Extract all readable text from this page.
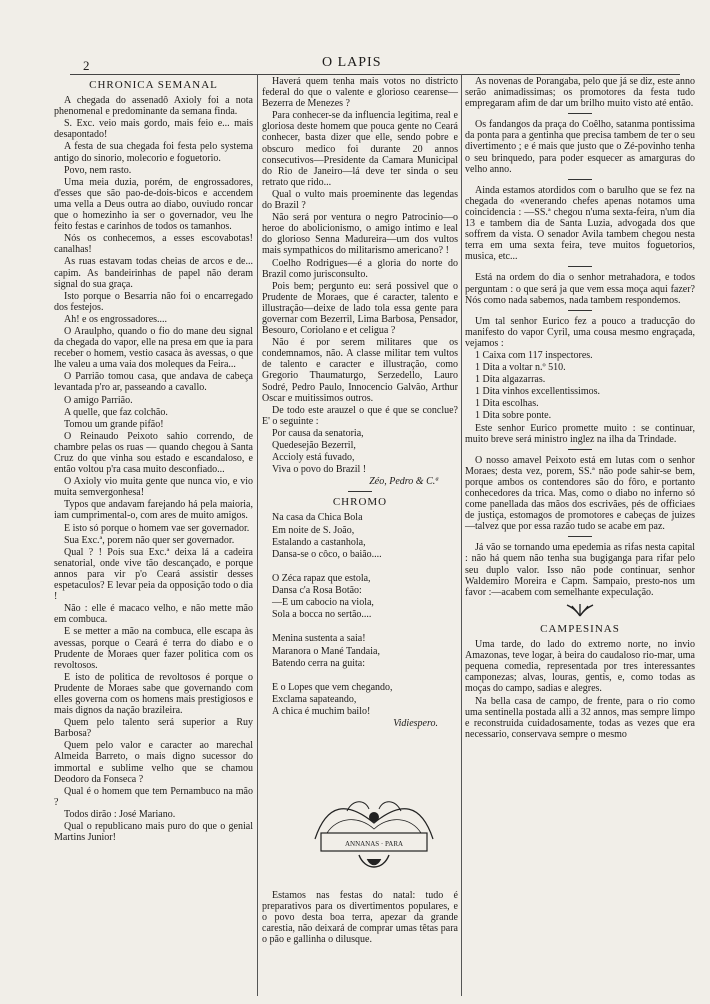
2	O LAPIS

CHRONICA SEMANAL

A chegada do assenadô Axioly foi a nota phenomenal e predominante da semana finda.

S. Exc. veio mais gordo, mais feio e... mais desapontado!

A festa de sua chegada foi festa pelo systema antigo do sinorio, molecorio e foguetorio.

Povo, nem rasto.

Uma meia duzia, porém, de engrossadores, d'esses que são pao-de-dois-bicos e accendem uma vella a Deus outra ao diabo, ouviudo roncar que o homezinho ia ser o governador, veu lhe feito festas e carinhos de todos os tamanhos.

Nós os conhecemos, a esses escovabotas! canalhas!

As ruas estavam todas cheias de arcos e de... capim. As bandeirinhas de papel não deram signal do sua graça.

Isto porque o Besarria não foi o encarregado dos festejos.

Ah! e os engrossadores....

O Araulpho, quando o fio do mane deu signal da chegada do vapor, elle na presa em que ia para receber o homem, vestio casaca às avessas, o que lhe valeu a uma vaia dos moleques da Feira...

O Parrião tomou casa, que andava de cabeça levantada p'ro ar, passeando a cavallo.

O amigo Parrião.

A quelle, que faz colchão.

Tomou um grande pifão!

O Reinaudo Peixoto sahio correndo, de chambre pelas os ruas — quando chegou à Santa Cruz do que vinha sou estado e escandaloso, e então voltou p'ra casa muito desconfiado...

O Axioly vio muita gente que nunca vio, e vio muita semvergonhesa!

Typos que andavam farejando há pela maioria, iam cumprimental-o, com ares de muito amigos.

E isto só porque o homem vae ser governador.

Sua Exc.ª, porem não quer ser governador.

Qual ? ! Pois sua Exc.ª deixa lá a cadeira senatorial, onde vive tão descançado, e porque annos para vir p'o Ceará assistir desses espetaculos? E levar peia da opposição todo o dia !

Não : elle é macaco velho, e não mette mão em combuca.

E se metter a mão na combuca, elle escapa às avessas, porque o Ceará é terra do diabo e o Prudente de Moraes quer fazer politica com os revoltosos.

E isto de politica de revoltosos é porque o Prudente de Moraes sabe que governando com elles governa com os homens mais prestigiosos e mais dignos da nação brazileira.

Quem pelo talento será superior a Ruy Barbosa?

Quem pelo valor e caracter ao marechal Almeida Barreto, o mais digno sucessor do immortal e sublime velho que se chamou Deodoro da Fonseca ?

Qual é o homem que tem Pernambuco na mão ?

Todos dirão : José Mariano.

Qual o republicano mais puro do que o genial Martins Junior!

Haverá quem tenha mais votos no districto federal do que o valente e glorioso cearense—Bezerra de Menezes ?

Para conhecer-se da influencia legitima, real e gloriosa deste homem que pouca gente no Ceará conhecer, basta dizer que elle, sendo pobre e obscuro medico foi durante 20 annos consecutivos—Presidente da Camara Municipal do Rio de Janeiro—lá deve ter sinda o seu retrato que rido...

Qual o vulto mais proeminente das legendas do Brazil ?

Não será por ventura o negro Patrocinio—o heroe do abolicionismo, o amigo intimo e leal do glorioso Senna Madureira—um dos vultos mais sympathicos do militarismo americano? !

Coelho Rodrigues—é a gloria do norte do Brazil como jurisconsulto.

Pois bem; pergunto eu: será possivel que o Prudente de Moraes, que é caracter, talento e illustração—deixe de lado tola essa gente para governar com Bezerril, Lima Barbosa, Pensador, Besouro, Coriolano e et celigua ?

Não é por serem militares que os condemnamos, não. A classe militar tem vultos de talento e caracter e illustração, como Gregorio Thaumaturgo, Serzedello, Lauro Sodré, Pedro Paulo, Innocencio Galvão, Arthur Oscar e muitissimos outros.

De todo este arauzel o que é que se conclue? E' o seguinte :

Por causa da senatoria,

Quedesejão Bezerril,

Accioly está fuvado,

Viva o povo do Brazil !

Zéo, Pedro & C.ª

CHROMO

Na casa da Chica Bola

Em noite de S. João,

Estalando a castanhola,

Dansa-se o côco, o baião....

O Zéca rapaz que estola,

Dansa c'a Rosa Botão:

—E um cabocio na viola,

Sola a bocca no sertão....

Menina sustenta a saia!

Maranora o Mané Tandaia,

Batendo cerra na guita:

E o Lopes que vem chegando,

Exclama sapateando,

A chica é muchim bailo!

Vidiespero.

ANNANAS · PARA

Estamos nas festas do natal: tudo é preparativos para os divertimentos populares, e o povo desta boa terra, apezar da grande carestia, não deixará de comprar umas têtas para o pão e gallinha o dilusque.

As novenas de Porangaba, pelo que já se diz, este anno serão animadissimas; os promotores da festa tudo empregaram afim de dar um brilho muito visto até então.

Os fandangos da praça do Coêlho, satanma pontissima da ponta para a gentinha que precisa tambem de ter o seu divertimento ; e é mais que justo que o Zé-povinho tenha o seu brinquedo, para poder esquecer as amarguras do velho anno.

Ainda estamos atordidos com o barulho que se fez na chegada do «venerando chefes apenas notamos uma coincidencia : —SS.ª chegou n'uma sexta-feira, n'um dia 13 e tambem dia de Santa Luzia, advogada dos que soffrem da vista. O senador Avila tambem chegou nesta terra em uma sexta feira, teve muitos foguetorios, musica, etc...

Está na ordem do dia o senhor metrahadora, e todos perguntam : o que será ja que vem essa moça aqui fazer? Nós como nada sabemos, nada tambem respondemos.

Um tal senhor Eurico fez a pouco a traducção do manifesto do vapor Cyril, uma cousa mesmo engraçada, vejamos :

1 Caixa com 117 inspectores.

1 Dita a voltar n.º 510.

1 Dita algazarras.

1 Dita vinhos excellentissimos.

1 Dita escolhas.

1 Dita sobre ponte.

Este senhor Eurico promette muito : se continuar, muito breve será ministro inglez na ilha da Trindade.

O nosso amavel Peixoto está em lutas com o senhor Moraes; desta vez, porem, SS.ª não pode sahir-se bem, porque ambos os contendores são do fôro, e portanto conhecedores da trica. Mas, como o diabo no inferno só come panellada das mãos dos escrivães, pés de officiaes de justiça, estomagos de promotores e cabeças de juizes—talvez que por essa razão tudo se acabe em paz.

Já vão se tornando uma epedemia as rifas nesta capital : não há quem não tenha sua bugiganga para rifar pelo seu duplo valor. Isso não pode continuar, senhor Waldemiro Moreira e Capm. Sampaio, presto-nos um favor :—acabem com semelhante expeculação.

CAMPESINAS

Uma tarde, do lado do extremo norte, no invio Amazonas, teve logar, à beira do caudaloso rio-mar, uma pequena comedia, representada por tres interessantes camponezas; alvas, louras, gentis, e, como todas as moças do campo, sadias e alegres.

Na bella casa de campo, de frente, para o rio como uma sentinella postada alli a 32 annos, mas sempre limpo e reconstruida cuidadosamente, todas as vezes que era necessario, conservava sempre o mesmo
